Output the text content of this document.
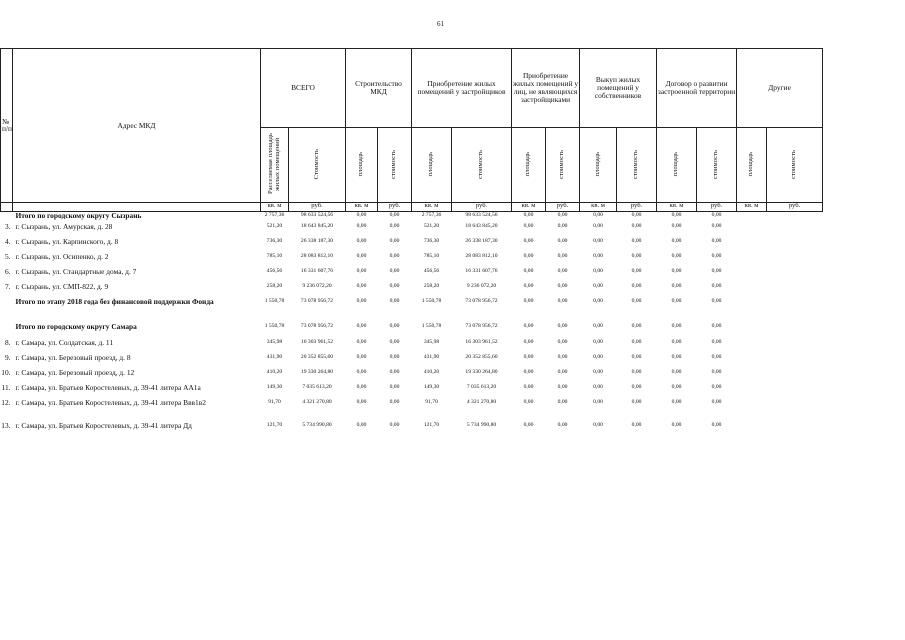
61
№ п/п	Адрес МКД	ВСЕГО		Строительство МКД		Приобретение жилых помещений у застройщиков		Приобретение жилых помещений у лиц, не являющихся застройщиками		Выкуп жилых помещений у собственников		Договор о развитии застроенной территории		Другие	
		Расселяемая площадь жилых помещений	Стоимость	площадь	стоимость	площадь	стоимость	площадь	стоимость	площадь	стоимость	площадь	стоимость	площадь	стоимость
		кв. м	руб.	кв. м	руб.	кв. м	руб.	кв. м	руб.	кв. м	руб.	кв. м	руб.	кв. м	руб.
	Итого по городскому округу Сызрань	2 757,36	98 633 524,56	0,00	0,00	2 757,36	98 633 524,56	0,00	0,00	0,00	0,00	0,00	0,00		
3.	г. Сызрань, ул. Амурская, д. 28	521,20	18 643 845,20	0,00	0,00	521,20	18 643 845,20	0,00	0,00	0,00	0,00	0,00	0,00		
4.	г. Сызрань, ул. Карпинского, д. 8	736,30	26 338 187,30	0,00	0,00	736,30	26 338 187,30	0,00	0,00	0,00	0,00	0,00	0,00		
5.	г. Сызрань, ул. Осипенко, д. 2	785,10	28 083 812,10	0,00	0,00	785,10	28 083 812,10	0,00	0,00	0,00	0,00	0,00	0,00		
6.	г. Сызрань, ул. Стандартные дома, д. 7	456,56	16 331 607,76	0,00	0,00	456,56	16 331 607,76	0,00	0,00	0,00	0,00	0,00	0,00		
7.	г. Сызрань, ул. СМП-822, д. 9	258,20	9 236 072,20	0,00	0,00	258,20	9 236 072,20	0,00	0,00	0,00	0,00	0,00	0,00		
	Итого по этапу 2018 года без финансовой поддержки Фонда	1 550,78	73 078 956,72	0,00	0,00	1 550,78	73 078 956,72	0,00	0,00	0,00	0,00	0,00	0,00		
	Итого по городскому округу Самара	1 550,78	73 078 956,72	0,00	0,00	1 550,78	73 078 956,72	0,00	0,00	0,00	0,00	0,00	0,00		
8.	г. Самара, ул. Солдатская, д. 11	345,98	16 303 961,52	0,00	0,00	345,98	16 303 961,52	0,00	0,00	0,00	0,00	0,00	0,00		
9.	г. Самара, ул. Березовый проезд, д. 8	431,90	20 352 855,60	0,00	0,00	431,90	20 352 855,60	0,00	0,00	0,00	0,00	0,00	0,00		
10.	г. Самара, ул. Березовый проезд, д. 12	410,20	19 330 264,80	0,00	0,00	410,20	19 330 264,80	0,00	0,00	0,00	0,00	0,00	0,00		
11.	г. Самара, ул. Братьев Коростелевых, д. 39-41 литера АА1а	149,30	7 035 613,20	0,00	0,00	149,30	7 035 613,20	0,00	0,00	0,00	0,00	0,00	0,00		
12.	г. Самара, ул. Братьев Коростелевых, д. 39-41 литера Ввв1в2	91,70	4 321 270,80	0,00	0,00	91,70	4 321 270,80	0,00	0,00	0,00	0,00	0,00	0,00		
13.	г. Самара, ул. Братьев Коростелевых, д. 39-41 литера Дд	121,70	5 734 990,80	0,00	0,00	121,70	5 734 990,80	0,00	0,00	0,00	0,00	0,00	0,00		
